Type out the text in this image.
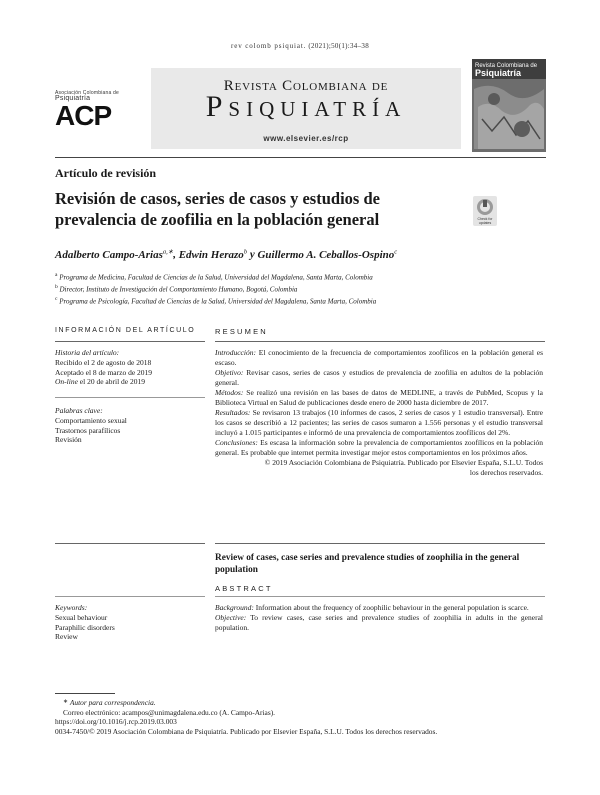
rev colomb psiquiat. (2021);50(1):34–38
Asociación Colombiana de
Psiquiatría
ACP
Revista Colombiana de
Psiquiatría
www.elsevier.es/rcp
Revista Colombiana de
Psiquiatría
Artículo de revisión
Revisión de casos, series de casos y estudios de prevalencia de zoofilia en la población general	Check for updates
Adalberto Campo-Arias$^{a,∗}$, Edwin Herazo$^b$ y Guillermo A. Ceballos-Ospino$^c$
$^a$ Programa de Medicina, Facultad de Ciencias de la Salud, Universidad del Magdalena, Santa Marta, Colombia
$^b$ Director, Instituto de Investigación del Comportamiento Humano, Bogotá, Colombia
$^c$ Programa de Psicología, Facultad de Ciencias de la Salud, Universidad del Magdalena, Santa Marta, Colombia
INFORMACIÓN DEL ARTÍCULO
Historia del artículo:
Recibido el 2 de agosto de 2018
Aceptado el 8 de marzo de 2019
On-line el 20 de abril de 2019
Palabras clave:
Comportamiento sexual
Trastornos parafílicos
Revisión
RESUMEN
Introducción: El conocimiento de la frecuencia de comportamientos zoofílicos en la población general es escaso.
Objetivo: Revisar casos, series de casos y estudios de prevalencia de zoofilia en adultos de la población general.
Métodos: Se realizó una revisión en las bases de datos de MEDLINE, a través de PubMed, Scopus y la Biblioteca Virtual en Salud de publicaciones desde enero de 2000 hasta diciembre de 2017.
Resultados: Se revisaron 13 trabajos (10 informes de casos, 2 series de casos y 1 estudio transversal). Entre los casos se describió a 12 pacientes; las series de casos sumaron a 1.556 personas y el estudio transversal incluyó a 1.015 participantes e informó de una prevalencia de comportamientos zoofílicos del 2%.
Conclusiones: Es escasa la información sobre la prevalencia de comportamientos zoofílicos en la población general. Es probable que internet permita investigar mejor estos comportamientos en los próximos años.
© 2019 Asociación Colombiana de Psiquiatría. Publicado por Elsevier España, S.L.U. Todos
los derechos reservados.
Review of cases, case series and prevalence studies of zoophilia in the general population
ABSTRACT
Keywords:
Sexual behaviour
Paraphilic disorders
Review
Background: Information about the frequency of zoophilic behaviour in the general population is scarce.
Objective: To review cases, case series and prevalence studies of zoophilia in adults in the general population.
∗ Autor para correspondencia.
Correo electrónico: acampos@unimagdalena.edu.co (A. Campo-Arias).
https://doi.org/10.1016/j.rcp.2019.03.003
0034-7450/© 2019 Asociación Colombiana de Psiquiatría. Publicado por Elsevier España, S.L.U. Todos los derechos reservados.
